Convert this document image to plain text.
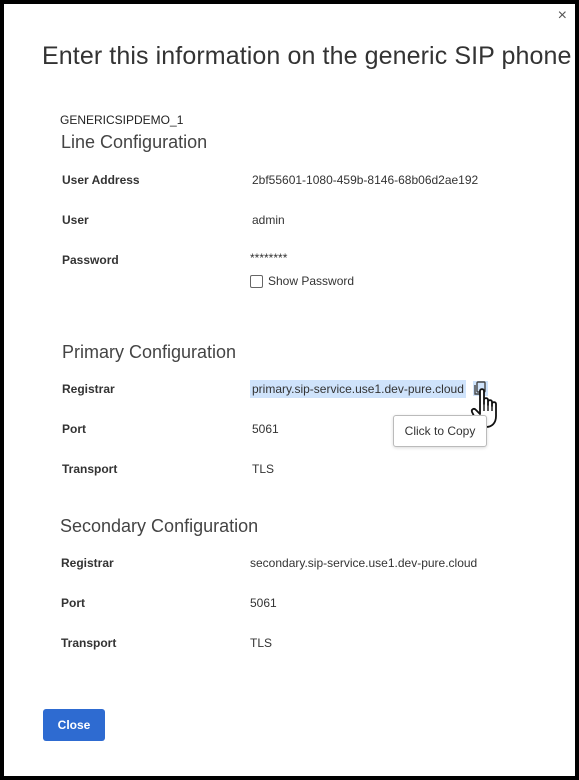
×
Enter this information on the generic SIP phone
GENERICSIPDEMO_1
Line Configuration
User Address	2bf55601-1080-459b-8146-68b06d2ae192
User	admin
Password	********
Show Password
Primary Configuration
Registrar	primary.sip-service.use1.dev-pure.cloud
Click to Copy
Port	5061
Transport	TLS
Secondary Configuration
Registrar	secondary.sip-service.use1.dev-pure.cloud
Port	5061
Transport	TLS
Close
